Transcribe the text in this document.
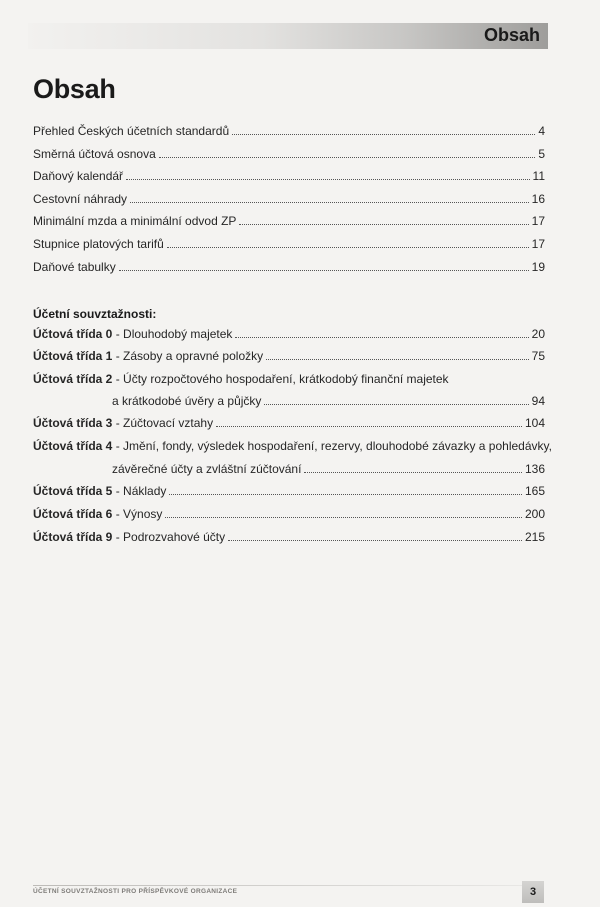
Obsah
Obsah
Přehled Českých účetních standardů	4
Směrná účtová osnova	5
Daňový kalendář	11
Cestovní náhrady	16
Minimální mzda a minimální odvod ZP	17
Stupnice platových tarifů	17
Daňové tabulky	19
Účetní souvztažnosti:
Účtová třída 0 - Dlouhodobý majetek	20
Účtová třída 1 - Zásoby a opravné položky	75
Účtová třída 2 - Účty rozpočtového hospodaření, krátkodobý finanční majetek
a krátkodobé úvěry a půjčky	94
Účtová třída 3 - Zúčtovací vztahy	104
Účtová třída 4 - Jmění, fondy, výsledek hospodaření, rezervy, dlouhodobé závazky a pohledávky,
závěrečné účty a zvláštní zúčtování	136
Účtová třída 5 - Náklady	165
Účtová třída 6 - Výnosy	200
Účtová třída 9 - Podrozvahové účty	215
ÚČETNÍ SOUVZTAŽNOSTI PRO PŘÍSPĚVKOVÉ ORGANIZACE	3
